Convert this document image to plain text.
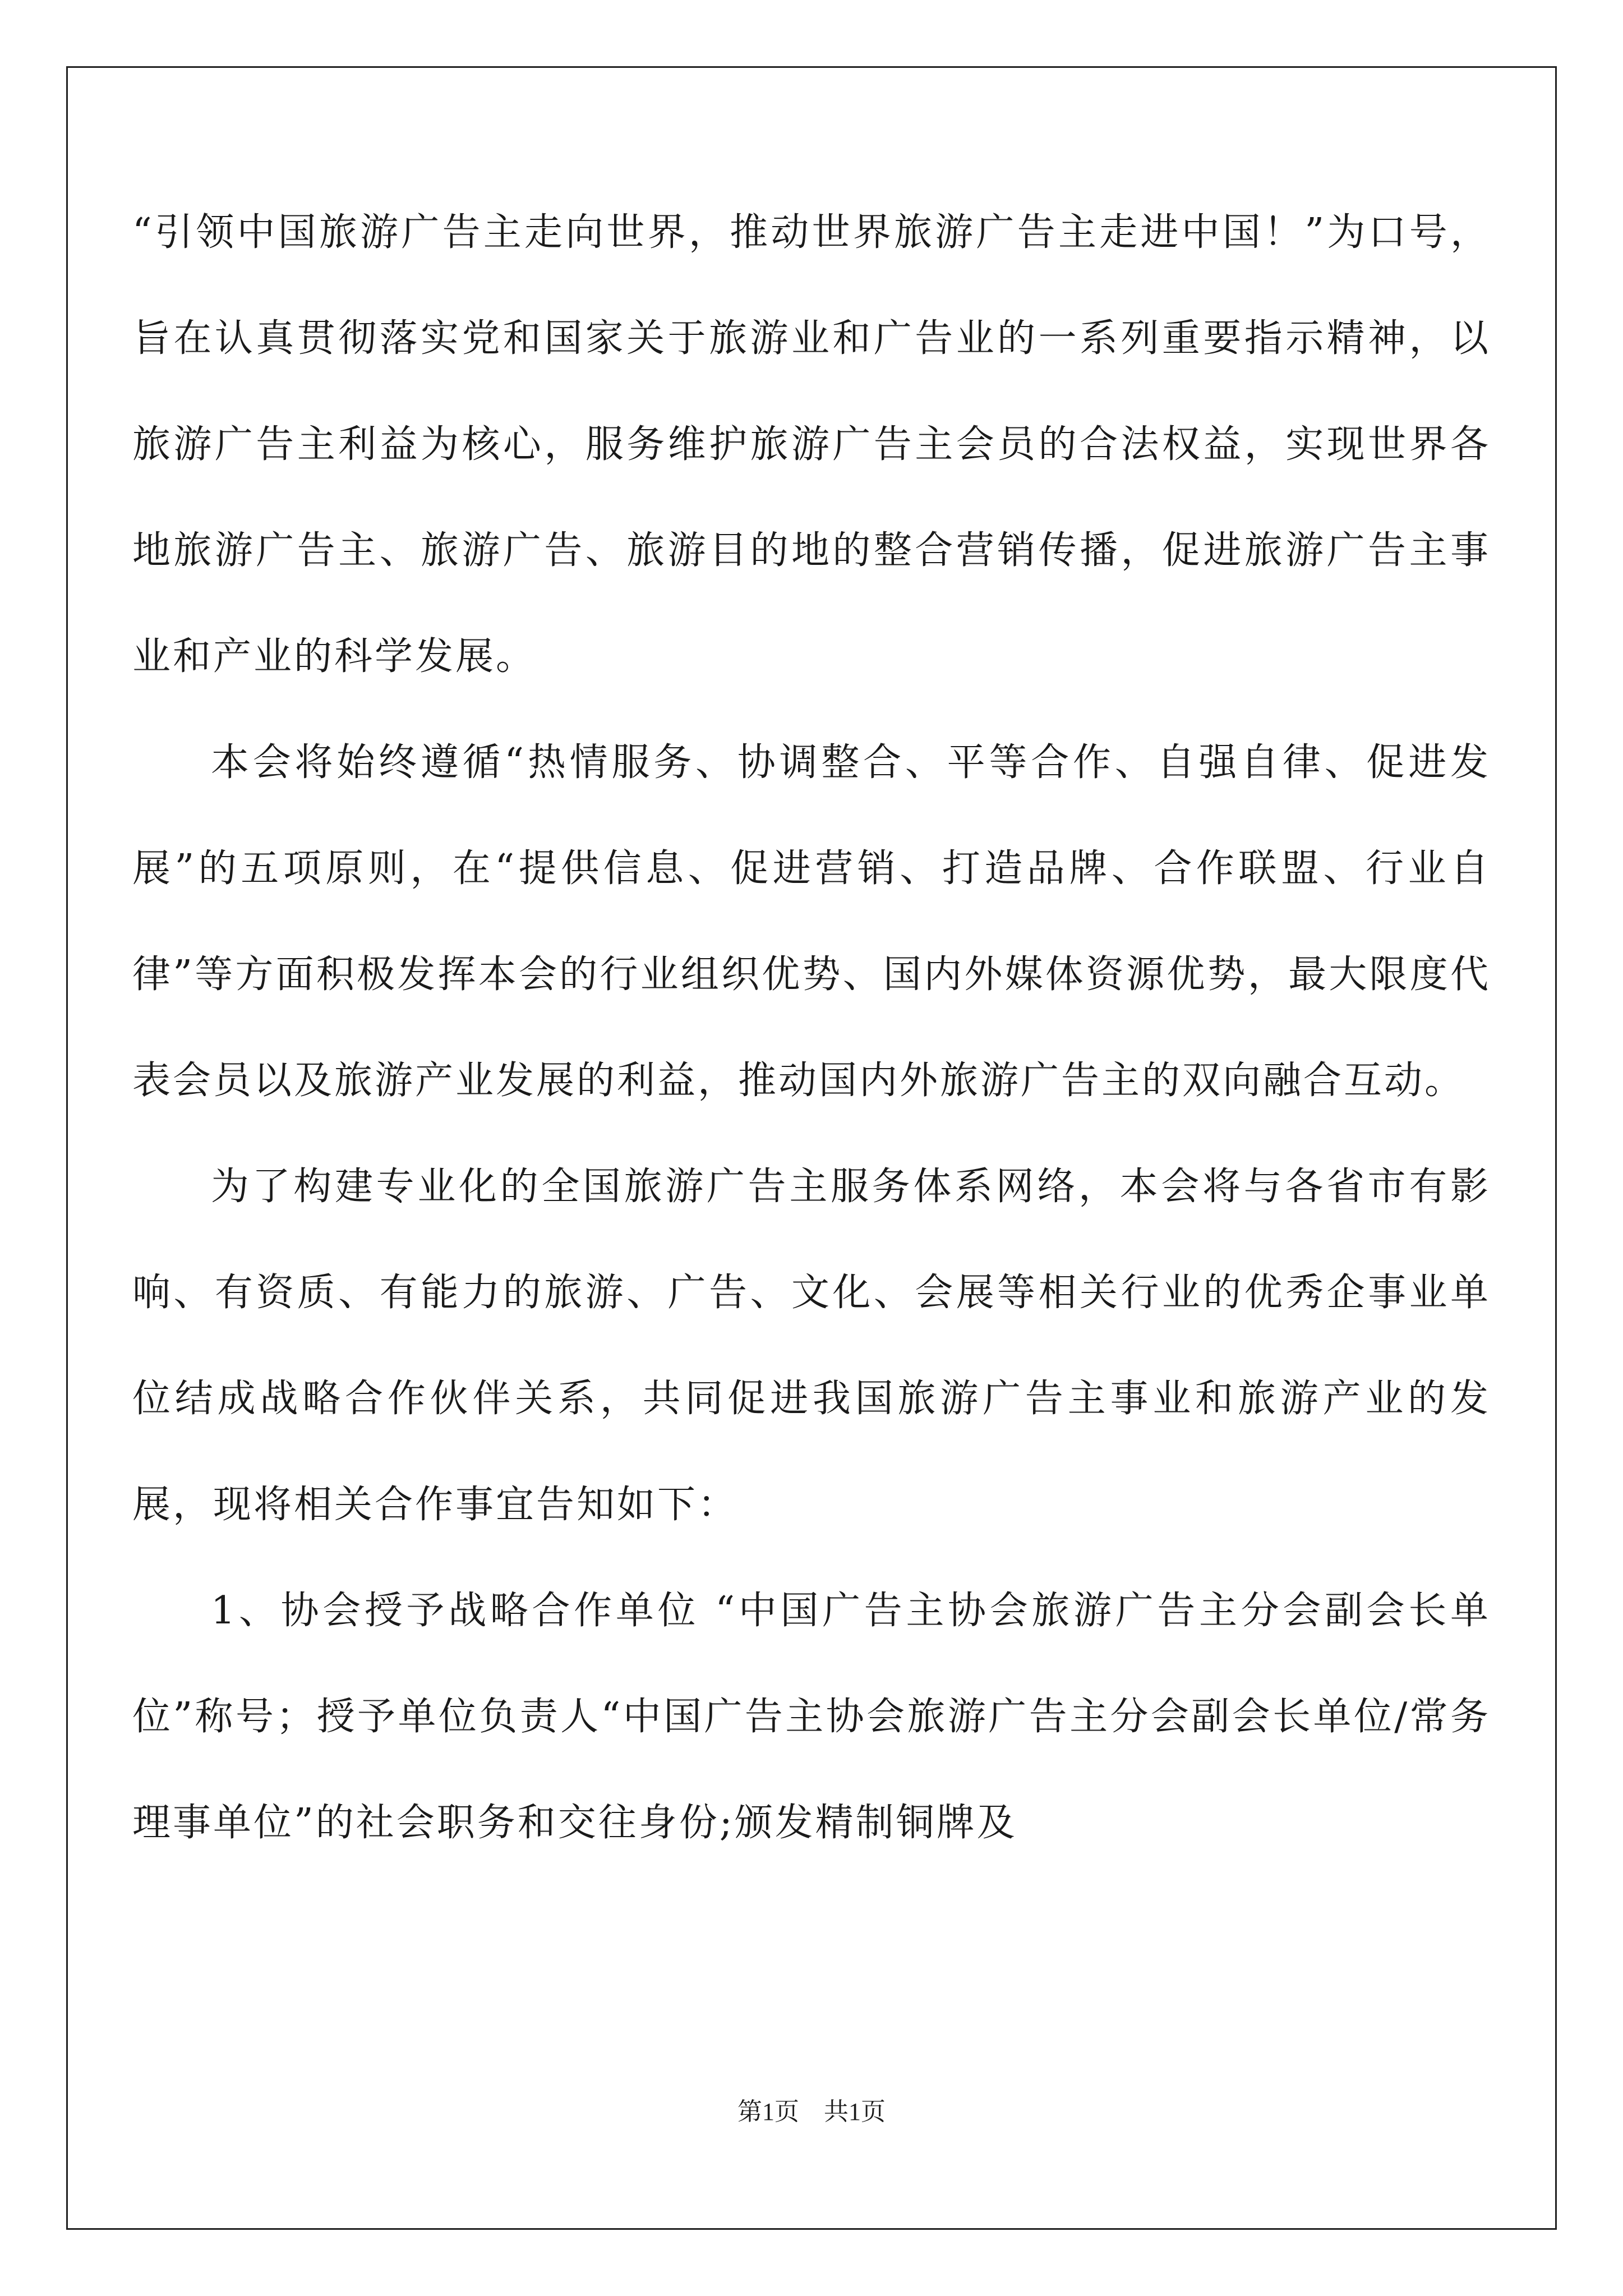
“引领中国旅游广告主走向世界，推动世界旅游广告主走进中国！”为口号，旨在认真贯彻落实党和国家关于旅游业和广告业的一系列重要指示精神，以旅游广告主利益为核心，服务维护旅游广告主会员的合法权益，实现世界各地旅游广告主、旅游广告、旅游目的地的整合营销传播，促进旅游广告主事业和产业的科学发展。

本会将始终遵循“热情服务、协调整合、平等合作、自强自律、促进发展”的五项原则，在“提供信息、促进营销、打造品牌、合作联盟、行业自律”等方面积极发挥本会的行业组织优势、国内外媒体资源优势，最大限度代表会员以及旅游产业发展的利益，推动国内外旅游广告主的双向融合互动。

为了构建专业化的全国旅游广告主服务体系网络，本会将与各省市有影响、有资质、有能力的旅游、广告、文化、会展等相关行业的优秀企事业单位结成战略合作伙伴关系，共同促进我国旅游广告主事业和旅游产业的发展，现将相关合作事宜告知如下：

1、协会授予战略合作单位 “中国广告主协会旅游广告主分会副会长单位”称号；授予单位负责人“中国广告主协会旅游广告主分会副会长单位/常务理事单位”的社会职务和交往身份;颁发精制铜牌及

第1页　共1页
